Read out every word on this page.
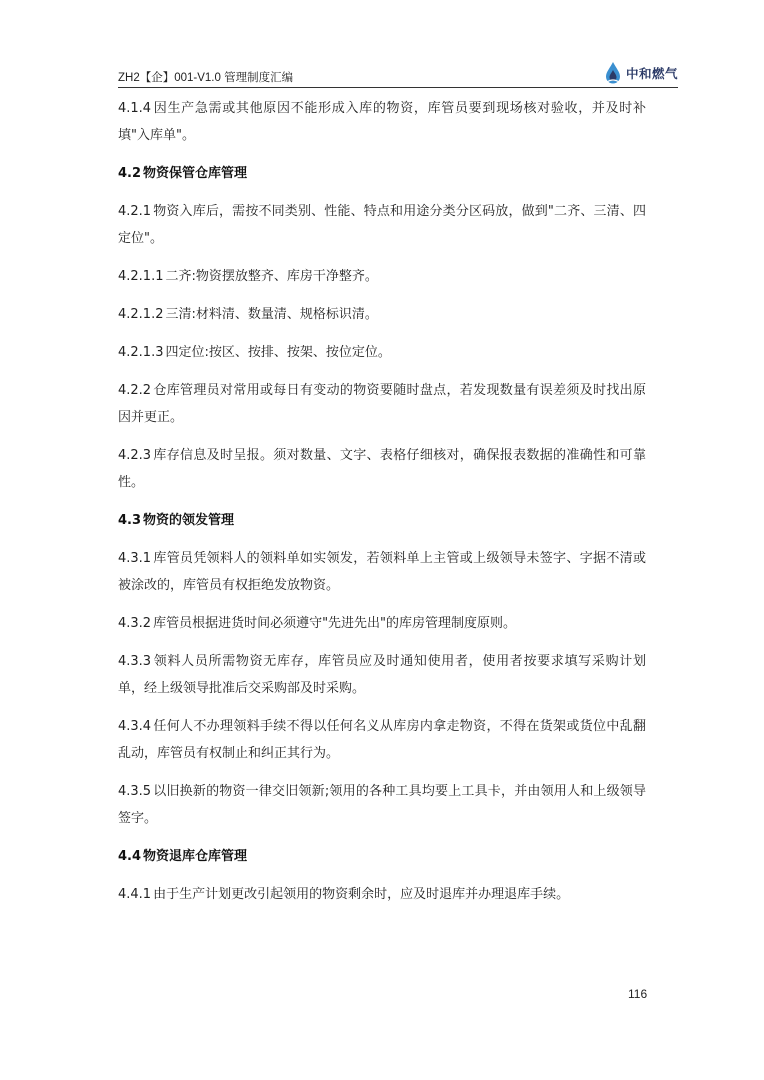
ZH2【企】001-V1.0 管理制度汇编	中和燃气

4.1.4 因生产急需或其他原因不能形成入库的物资，库管员要到现场核对验收，并及时补填"入库单"。

4.2 物资保管仓库管理

4.2.1 物资入库后，需按不同类别、性能、特点和用途分类分区码放，做到"二齐、三清、四定位"。

4.2.1.1 二齐:物资摆放整齐、库房干净整齐。

4.2.1.2 三清:材料清、数量清、规格标识清。

4.2.1.3 四定位:按区、按排、按架、按位定位。

4.2.2 仓库管理员对常用或每日有变动的物资要随时盘点，若发现数量有误差须及时找出原因并更正。

4.2.3 库存信息及时呈报。须对数量、文字、表格仔细核对，确保报表数据的准确性和可靠性。

4.3 物资的领发管理

4.3.1 库管员凭领料人的领料单如实领发，若领料单上主管或上级领导未签字、字据不清或被涂改的，库管员有权拒绝发放物资。

4.3.2 库管员根据进货时间必须遵守"先进先出"的库房管理制度原则。

4.3.3 领料人员所需物资无库存，库管员应及时通知使用者，使用者按要求填写采购计划单，经上级领导批准后交采购部及时采购。

4.3.4 任何人不办理领料手续不得以任何名义从库房内拿走物资，不得在货架或货位中乱翻乱动，库管员有权制止和纠正其行为。

4.3.5 以旧换新的物资一律交旧领新;领用的各种工具均要上工具卡，并由领用人和上级领导签字。

4.4 物资退库仓库管理

4.4.1 由于生产计划更改引起领用的物资剩余时，应及时退库并办理退库手续。

116
